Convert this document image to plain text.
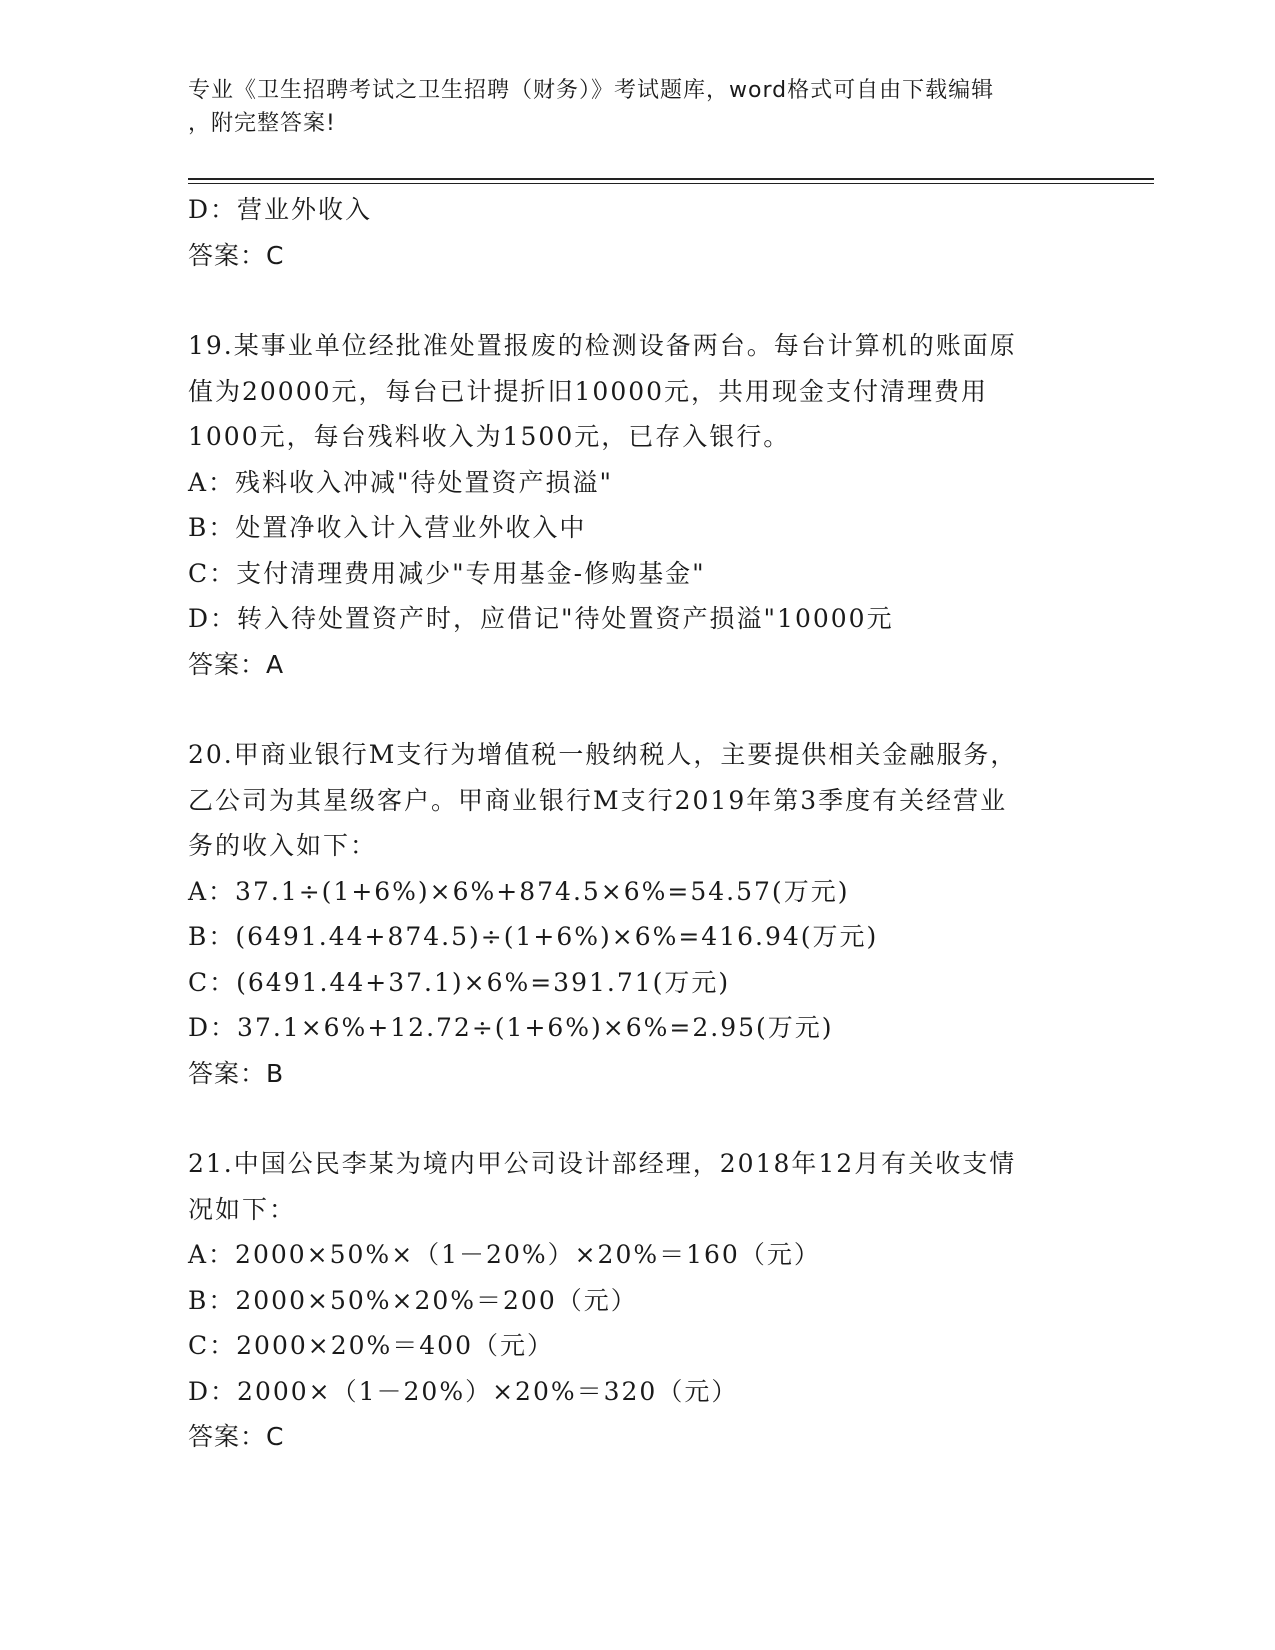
专业《卫生招聘考试之卫生招聘（财务）》考试题库，word格式可自由下载编辑
，附完整答案!
D：营业外收入
答案：C
19.某事业单位经批准处置报废的检测设备两台。每台计算机的账面原
值为20000元，每台已计提折旧10000元，共用现金支付清理费用
1000元，每台残料收入为1500元，已存入银行。
A：残料收入冲减"待处置资产损溢"
B：处置净收入计入营业外收入中
C：支付清理费用减少"专用基金-修购基金"
D：转入待处置资产时，应借记"待处置资产损溢"10000元
答案：A
20.甲商业银行M支行为增值税一般纳税人，主要提供相关金融服务，
乙公司为其星级客户。甲商业银行M支行2019年第3季度有关经营业
务的收入如下：
A：37.1÷(1+6%)×6%+874.5×6%=54.57(万元)
B：(6491.44+874.5)÷(1+6%)×6%=416.94(万元)
C：(6491.44+37.1)×6%=391.71(万元)
D：37.1×6%+12.72÷(1+6%)×6%=2.95(万元)
答案：B
21.中国公民李某为境内甲公司设计部经理，2018年12月有关收支情
况如下：
A：2000×50%×（1－20%）×20%＝160（元）
B：2000×50%×20%＝200（元）
C：2000×20%＝400（元）
D：2000×（1－20%）×20%＝320（元）
答案：C
